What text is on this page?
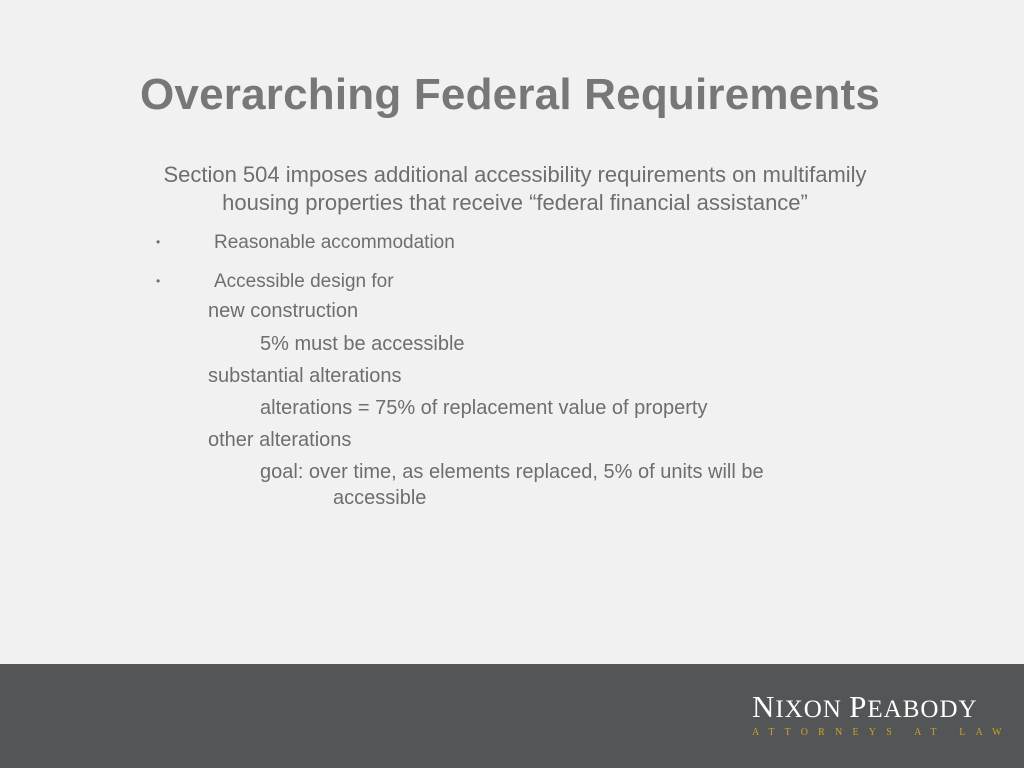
Overarching Federal Requirements

Section 504 imposes additional accessibility requirements on multifamily
housing properties that receive “federal financial assistance”

•	Reasonable accommodation
•	Accessible design for
new construction
5% must be accessible
substantial alterations
alterations = 75% of replacement value of property
other alterations
goal: over time, as elements replaced, 5% of units will be
accessible
NIXON PEABODY
ATTORNEYS AT LAW
